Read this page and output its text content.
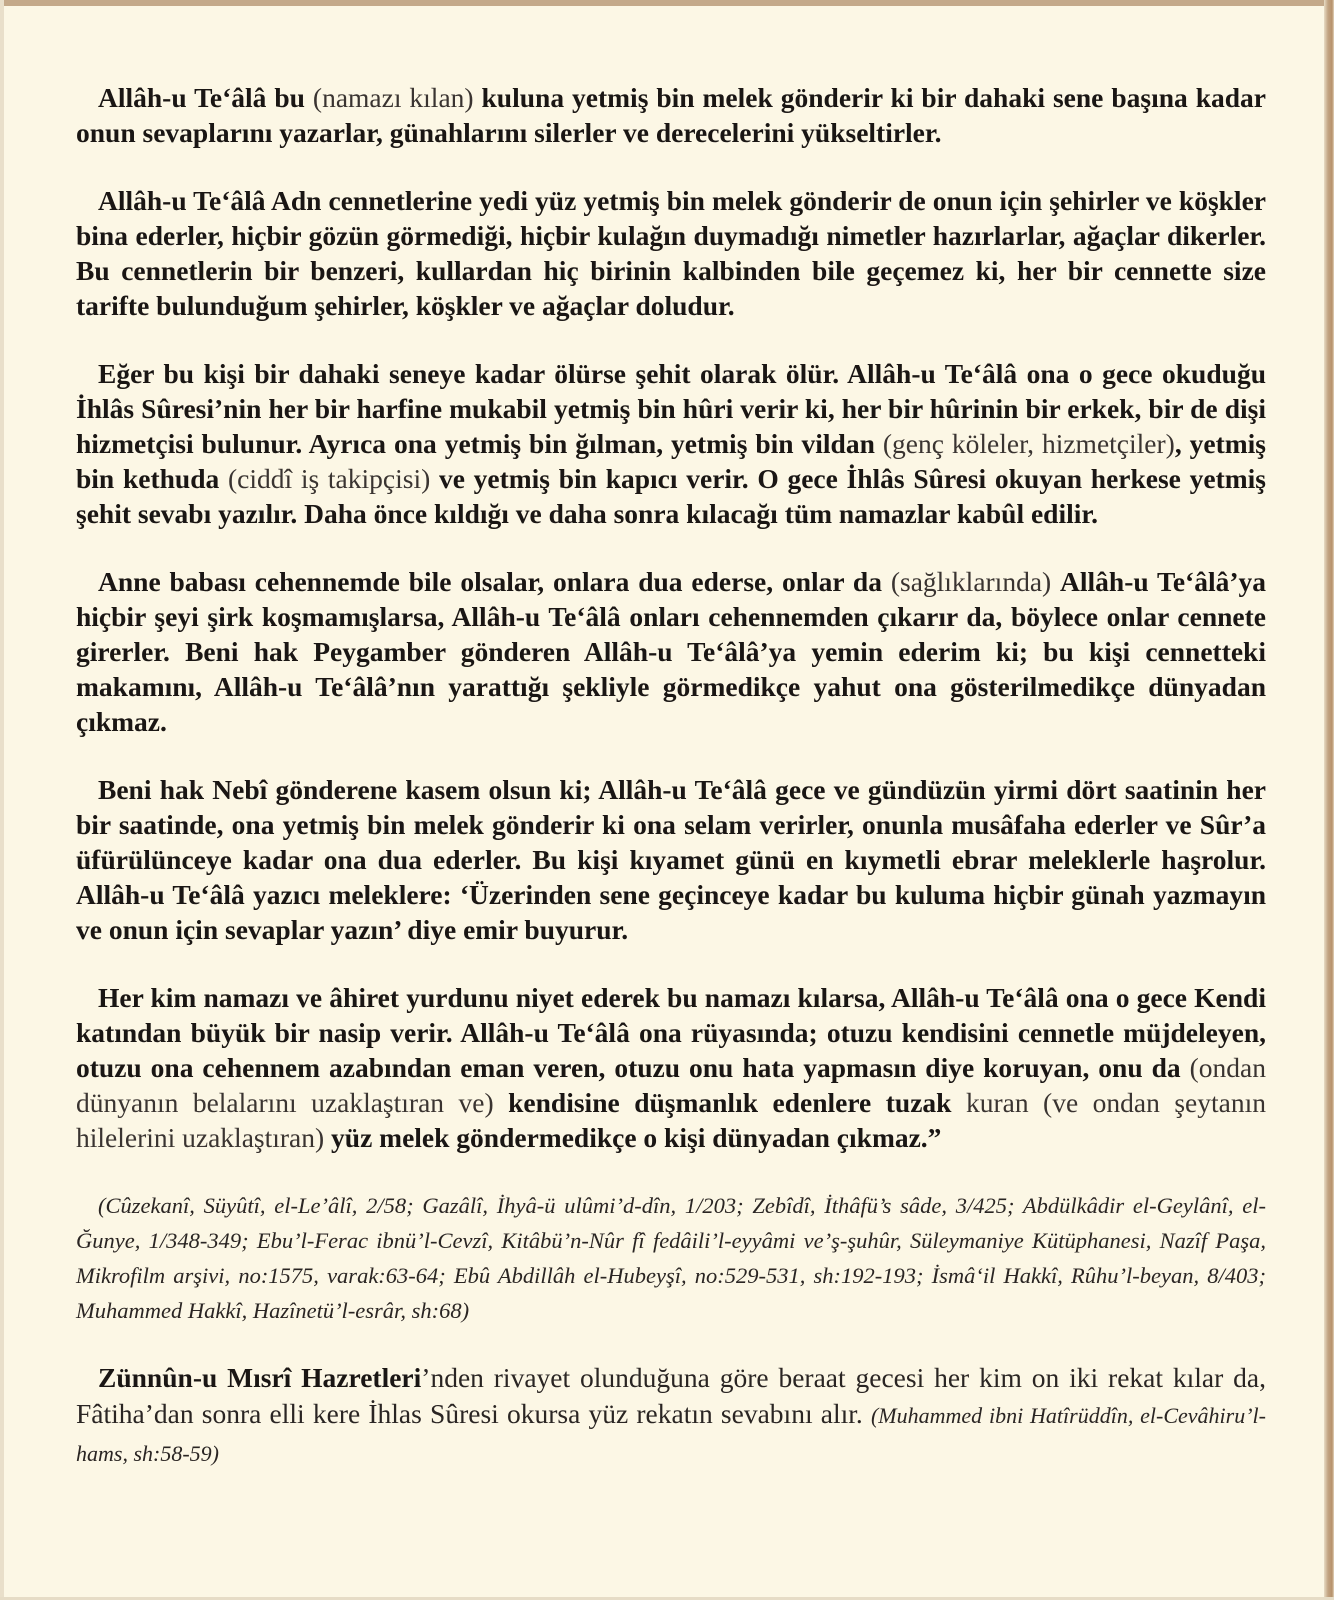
Allâh-u Te‘âlâ bu (namazı kılan) kuluna yetmiş bin melek gönderir ki bir dahaki sene başına kadar onun sevaplarını yazarlar, günahlarını silerler ve derecelerini yükseltirler.

Allâh-u Te‘âlâ Adn cennetlerine yedi yüz yetmiş bin melek gönderir de onun için şehirler ve köşkler bina ederler, hiçbir gözün görmediği, hiçbir kulağın duymadığı nimetler hazırlarlar, ağaçlar dikerler. Bu cennetlerin bir benzeri, kullardan hiç birinin kalbinden bile geçemez ki, her bir cennette size tarifte bulunduğum şehirler, köşkler ve ağaçlar doludur.

Eğer bu kişi bir dahaki seneye kadar ölürse şehit olarak ölür. Allâh-u Te‘âlâ ona o gece okuduğu İhlâs Sûresi’nin her bir harfine mukabil yetmiş bin hûri verir ki, her bir hûrinin bir erkek, bir de dişi hizmetçisi bulunur. Ayrıca ona yetmiş bin ğılman, yetmiş bin vildan (genç köleler, hizmetçiler), yetmiş bin kethuda (ciddî iş takipçisi) ve yetmiş bin kapıcı verir. O gece İhlâs Sûresi okuyan herkese yetmiş şehit sevabı yazılır. Daha önce kıldığı ve daha sonra kılacağı tüm namazlar kabûl edilir.

Anne babası cehennemde bile olsalar, onlara dua ederse, onlar da (sağlıklarında) Allâh-u Te‘âlâ’ya hiçbir şeyi şirk koşmamışlarsa, Allâh-u Te‘âlâ onları cehennemden çıkarır da, böylece onlar cennete girerler. Beni hak Peygamber gönderen Allâh-u Te‘âlâ’ya yemin ederim ki; bu kişi cennetteki makamını, Allâh-u Te‘âlâ’nın yarattığı şekliyle görmedikçe yahut ona gösterilmedikçe dünyadan çıkmaz.

Beni hak Nebî gönderene kasem olsun ki; Allâh-u Te‘âlâ gece ve gündüzün yirmi dört saatinin her bir saatinde, ona yetmiş bin melek gönderir ki ona selam verirler, onunla musâfaha ederler ve Sûr’a üfürülünceye kadar ona dua ederler. Bu kişi kıyamet günü en kıymetli ebrar meleklerle haşrolur. Allâh-u Te‘âlâ yazıcı meleklere: ‘Üzerinden sene geçinceye kadar bu kuluma hiçbir günah yazmayın ve onun için sevaplar yazın’ diye emir buyurur.

Her kim namazı ve âhiret yurdunu niyet ederek bu namazı kılarsa, Allâh-u Te‘âlâ ona o gece Kendi katından büyük bir nasip verir. Allâh-u Te‘âlâ ona rüyasında; otuzu kendisini cennetle müjdeleyen, otuzu ona cehennem azabından eman veren, otuzu onu hata yapmasın diye koruyan, onu da (ondan dünyanın belalarını uzaklaştıran ve) kendisine düşmanlık edenlere tuzak kuran (ve ondan şeytanın hilelerini uzaklaştıran) yüz melek göndermedikçe o kişi dünyadan çıkmaz.”

(Cûzekanî, Süyûtî, el-Le’âlî, 2/58; Gazâlî, İhyâ-ü ulûmi’d-dîn, 1/203; Zebîdî, İthâfü’s sâde, 3/425; Abdülkâdir el-Geylânî, el-Ğunye, 1/348-349; Ebu’l-Ferac ibnü’l-Cevzî, Kitâbü’n-Nûr fî fedâili’l-eyyâmi ve’ş-şuhûr, Süleymaniye Kütüphanesi, Nazîf Paşa, Mikrofilm arşivi, no:1575, varak:63-64; Ebû Abdillâh el-Hubeyşî, no:529-531, sh:192-193; İsmâ‘il Hakkî, Rûhu’l-beyan, 8/403; Muhammed Hakkî, Hazînetü’l-esrâr, sh:68)

Zünnûn-u Mısrî Hazretleri’nden rivayet olunduğuna göre beraat gecesi her kim on iki rekat kılar da, Fâtiha’dan sonra elli kere İhlas Sûresi okursa yüz rekatın sevabını alır. (Muhammed ibni Hatîrüddîn, el-Cevâhiru’l-hams, sh:58-59)
